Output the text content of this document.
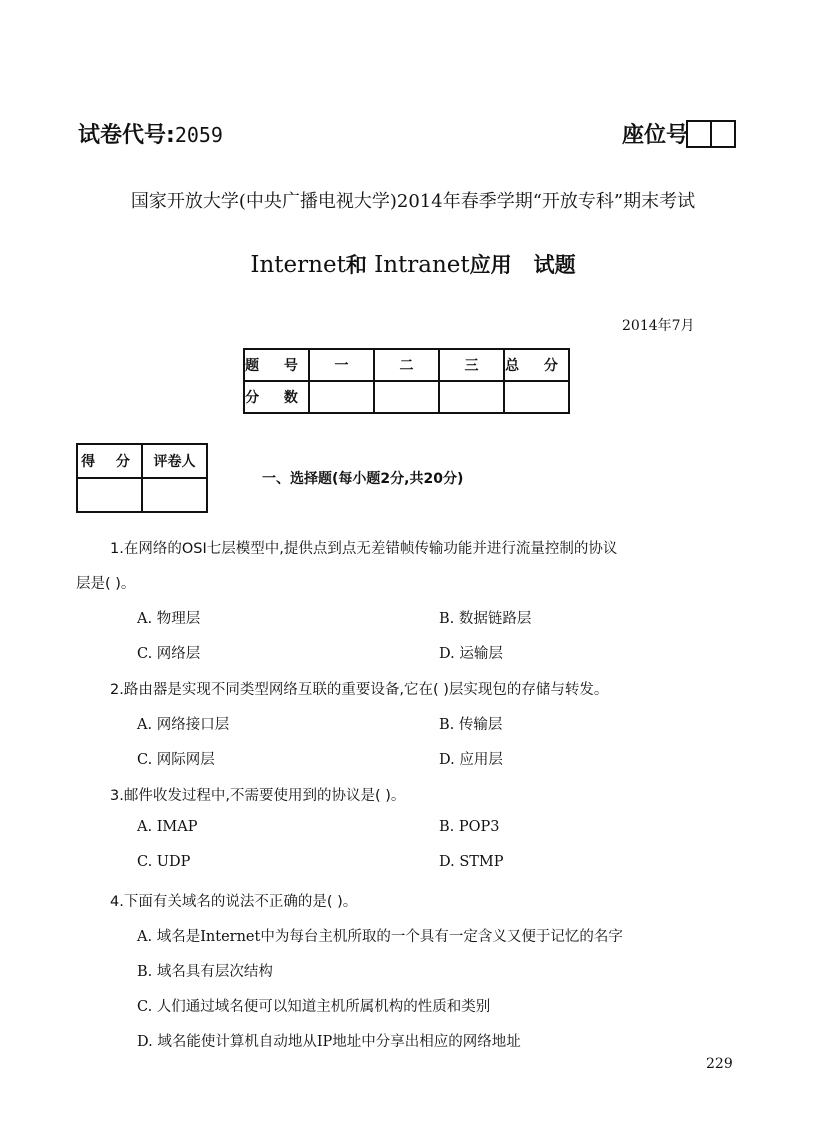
试卷代号:2059	座位号
国家开放大学(中央广播电视大学)2014年春季学期“开放专科”期末考试
Internet和 Intranet应用 试题
2014年7月
题 号	一	二	三	总 分
分 数				
得 分	评卷人

一、选择题(每小题2分,共20分)
1.在网络的OSI七层模型中,提供点到点无差错帧传输功能并进行流量控制的协议
层是( )。
A. 物理层	B. 数据链路层
C. 网络层	D. 运输层
2.路由器是实现不同类型网络互联的重要设备,它在( )层实现包的存储与转发。
A. 网络接口层	B. 传输层
C. 网际网层	D. 应用层
3.邮件收发过程中,不需要使用到的协议是( )。
A. IMAP	B. POP3
C. UDP	D. STMP
4.下面有关域名的说法不正确的是( )。
A. 域名是Internet中为每台主机所取的一个具有一定含义又便于记忆的名字
B. 域名具有层次结构
C. 人们通过域名便可以知道主机所属机构的性质和类别
D. 域名能使计算机自动地从IP地址中分享出相应的网络地址
229
